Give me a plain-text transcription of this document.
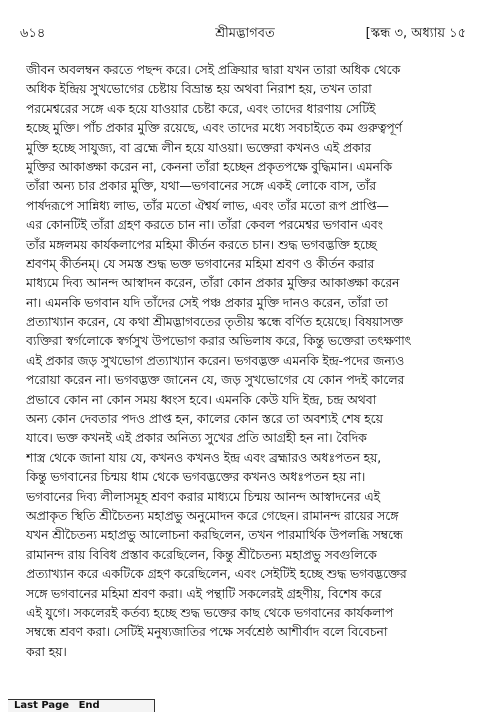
৬১৪	শ্রীমদ্ভাগবত	[স্কন্ধ ৩, অধ্যায় ১৫
জীবন অবলম্বন করতে পছন্দ করে। সেই প্রক্রিয়ার দ্বারা যখন তারা অধিক থেকে
অধিক ইন্দ্রিয় সুখভোগের চেষ্টায় বিভ্রান্ত হয় অথবা নিরাশ হয়, তখন তারা
পরমেশ্বরের সঙ্গে এক হয়ে যাওয়ার চেষ্টা করে, এবং তাদের ধারণায় সেটিই
হচ্ছে মুক্তি। পাঁচ প্রকার মুক্তি রয়েছে, এবং তাদের মধ্যে সবচাইতে কম গুরুত্বপূর্ণ
মুক্তি হচ্ছে সাযুজ্য, বা ব্রহ্মে লীন হয়ে যাওয়া। ভক্তেরা কখনও এই প্রকার
মুক্তির আকাঙ্ক্ষা করেন না, কেননা তাঁরা হচ্ছেন প্রকৃতপক্ষে বুদ্ধিমান। এমনকি
তাঁরা অন্য চার প্রকার মুক্তি, যথা—ভগবানের সঙ্গে একই লোকে বাস, তাঁর
পার্ষদরূপে সান্নিধ্য লাভ, তাঁর মতো ঐশ্বর্য লাভ, এবং তাঁর মতো রূপ প্রাপ্তি—
এর কোনটিই তাঁরা গ্রহণ করতে চান না। তাঁরা কেবল পরমেশ্বর ভগবান এবং
তাঁর মঙ্গলময় কার্যকলাপের মহিমা কীর্তন করতে চান। শুদ্ধ ভগবদ্ভক্তি হচ্ছে
শ্রবণম্ কীর্তনম্। যে সমস্ত শুদ্ধ ভক্ত ভগবানের মহিমা শ্রবণ ও কীর্তন করার
মাধ্যমে দিব্য আনন্দ আস্বাদন করেন, তাঁরা কোন প্রকার মুক্তির আকাঙ্ক্ষা করেন
না। এমনকি ভগবান যদি তাঁদের সেই পঞ্চ প্রকার মুক্তি দানও করেন, তাঁরা তা
প্রত্যাখ্যান করেন, যে কথা শ্রীমদ্ভাগবতের তৃতীয় স্কন্ধে বর্ণিত হয়েছে। বিষয়াসক্ত
ব্যক্তিরা স্বর্গলোকে স্বর্গসুখ উপভোগ করার অভিলাষ করে, কিন্তু ভক্তেরা তৎক্ষণাৎ
এই প্রকার জড় সুখভোগ প্রত্যাখ্যান করেন। ভগবদ্ভক্ত এমনকি ইন্দ্র-পদের জন্যও
পরোয়া করেন না। ভগবদ্ভক্ত জানেন যে, জড় সুখভোগের যে কোন পদই কালের
প্রভাবে কোন না কোন সময় ধ্বংস হবে। এমনকি কেউ যদি ইন্দ্র, চন্দ্র অথবা
অন্য কোন দেবতার পদও প্রাপ্ত হন, কালের কোন স্তরে তা অবশ্যই শেষ হয়ে
যাবে। ভক্ত কখনই এই প্রকার অনিত্য সুখের প্রতি আগ্রহী হন না। বৈদিক
শাস্ত্র থেকে জানা যায় যে, কখনও কখনও ইন্দ্র এবং ব্রহ্মারও অধঃপতন হয়,
কিন্তু ভগবানের চিন্ময় ধাম থেকে ভগবদ্ভক্তের কখনও অধঃপতন হয় না।
ভগবানের দিব্য লীলাসমূহ শ্রবণ করার মাধ্যমে চিন্ময় আনন্দ আস্বাদনের এই
অপ্রাকৃত স্থিতি শ্রীচৈতন্য মহাপ্রভু অনুমোদন করে গেছেন। রামানন্দ রায়ের সঙ্গে
যখন শ্রীচৈতন্য মহাপ্রভু আলোচনা করছিলেন, তখন পারমার্থিক উপলব্ধি সম্বন্ধে
রামানন্দ রায় বিবিধ প্রস্তাব করেছিলেন, কিন্তু শ্রীচৈতন্য মহাপ্রভু সবগুলিকে
প্রত্যাখ্যান করে একটিকে গ্রহণ করেছিলেন, এবং সেইটিই হচ্ছে শুদ্ধ ভগবদ্ভক্তের
সঙ্গে ভগবানের মহিমা শ্রবণ করা। এই পন্থাটি সকলেরই গ্রহণীয়, বিশেষ করে
এই যুগে। সকলেরই কর্তব্য হচ্ছে শুদ্ধ ভক্তের কাছ থেকে ভগবানের কার্যকলাপ
সম্বন্ধে শ্রবণ করা। সেটিই মনুষ্যজাতির পক্ষে সর্বশ্রেষ্ঠ আশীর্বাদ বলে বিবেচনা
করা হয়।
Last Page End
